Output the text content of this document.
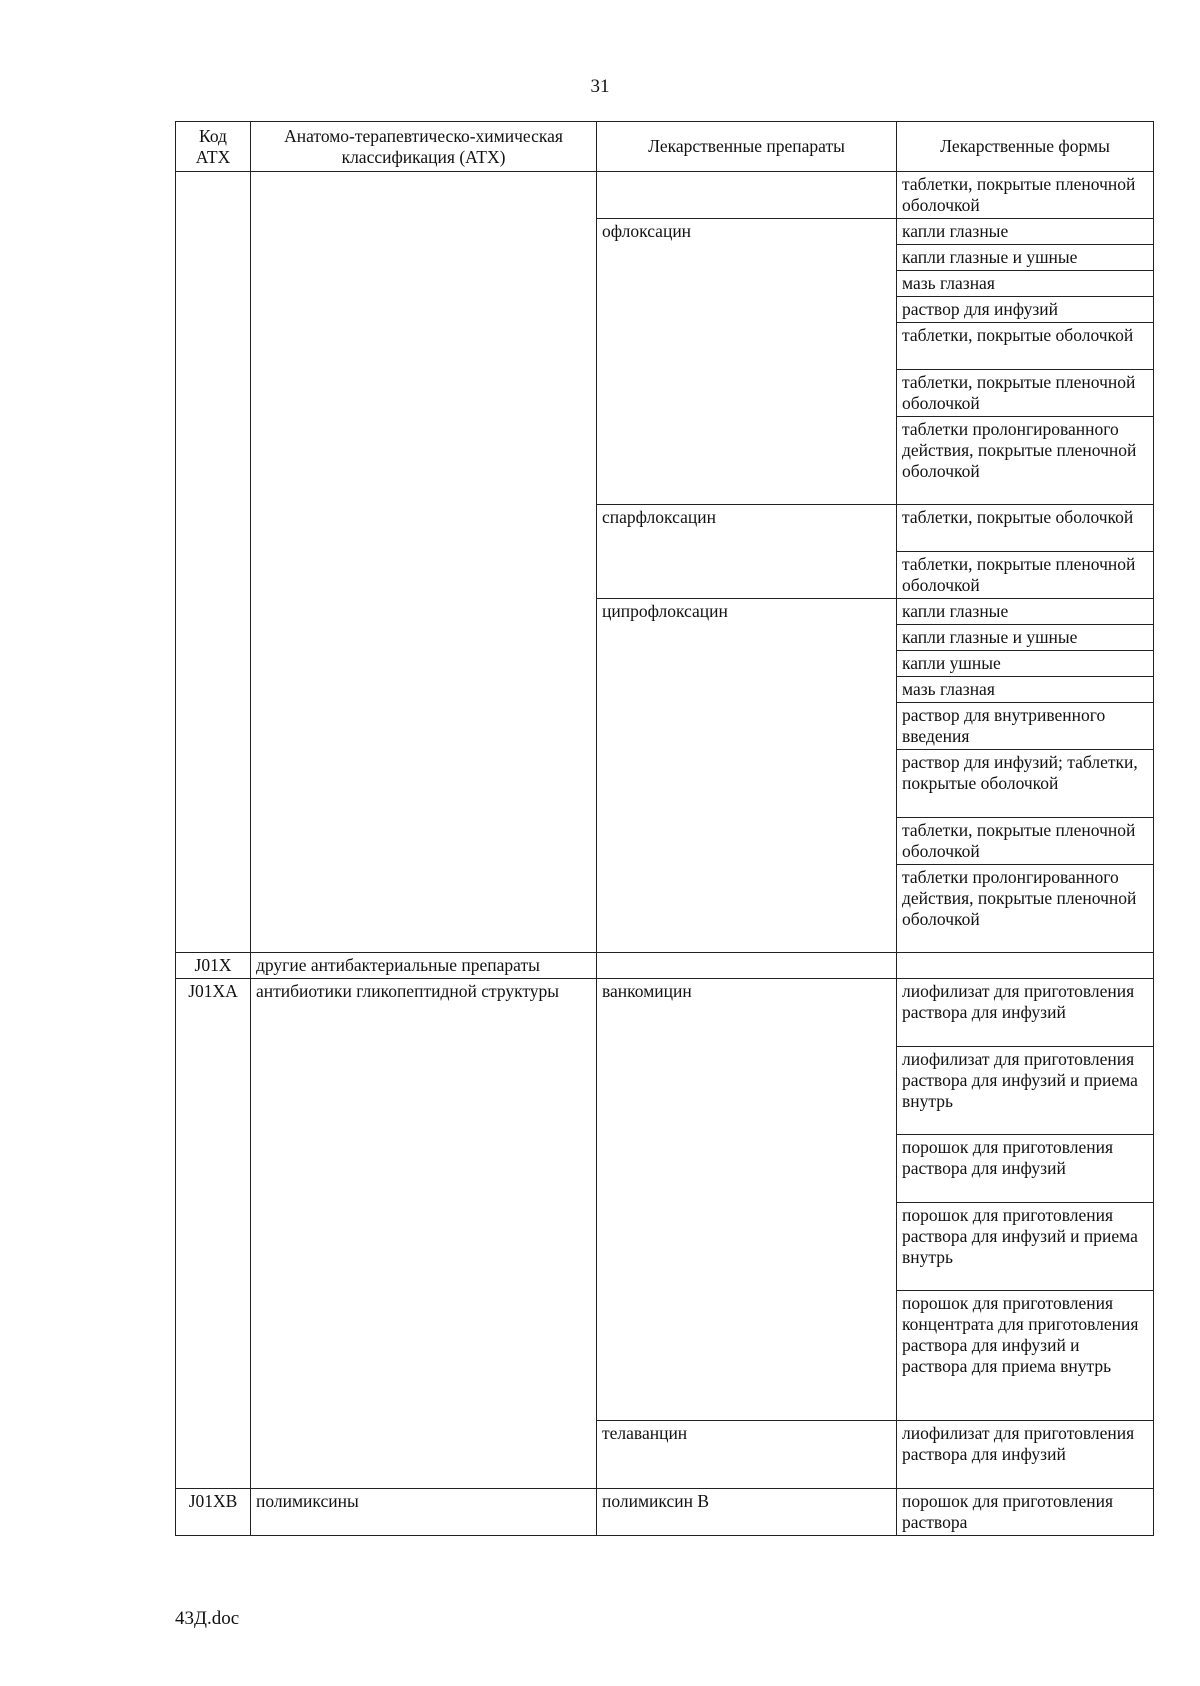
31
Код АТХ	Анатомо-терапевтическо-химическая классификация (АТХ)	Лекарственные препараты	Лекарственные формы
			таблетки, покрытые пленочной оболочкой
		офлоксацин	капли глазные
			капли глазные и ушные
			мазь глазная
			раствор для инфузий
			таблетки, покрытые оболочкой
			таблетки, покрытые пленочной оболочкой
			таблетки пролонгированного действия, покрытые пленочной оболочкой
		спарфлоксацин	таблетки, покрытые оболочкой
			таблетки, покрытые пленочной оболочкой
		ципрофлоксацин	капли глазные
			капли глазные и ушные
			капли ушные
			мазь глазная
			раствор для внутривенного введения
			раствор для инфузий; таблетки, покрытые оболочкой
			таблетки, покрытые пленочной оболочкой
			таблетки пролонгированного действия, покрытые пленочной оболочкой
J01X	другие антибактериальные препараты		
J01XA	антибиотики гликопептидной структуры	ванкомицин	лиофилизат для приготовления раствора для инфузий
			лиофилизат для приготовления раствора для инфузий и приема внутрь
			порошок для приготовления раствора для инфузий
			порошок для приготовления раствора для инфузий и приема внутрь
			порошок для приготовления концентрата для приготовления раствора для инфузий и раствора для приема внутрь
		телаванцин	лиофилизат для приготовления раствора для инфузий
J01XB	полимиксины	полимиксин B	порошок для приготовления раствора
43Д.doc
